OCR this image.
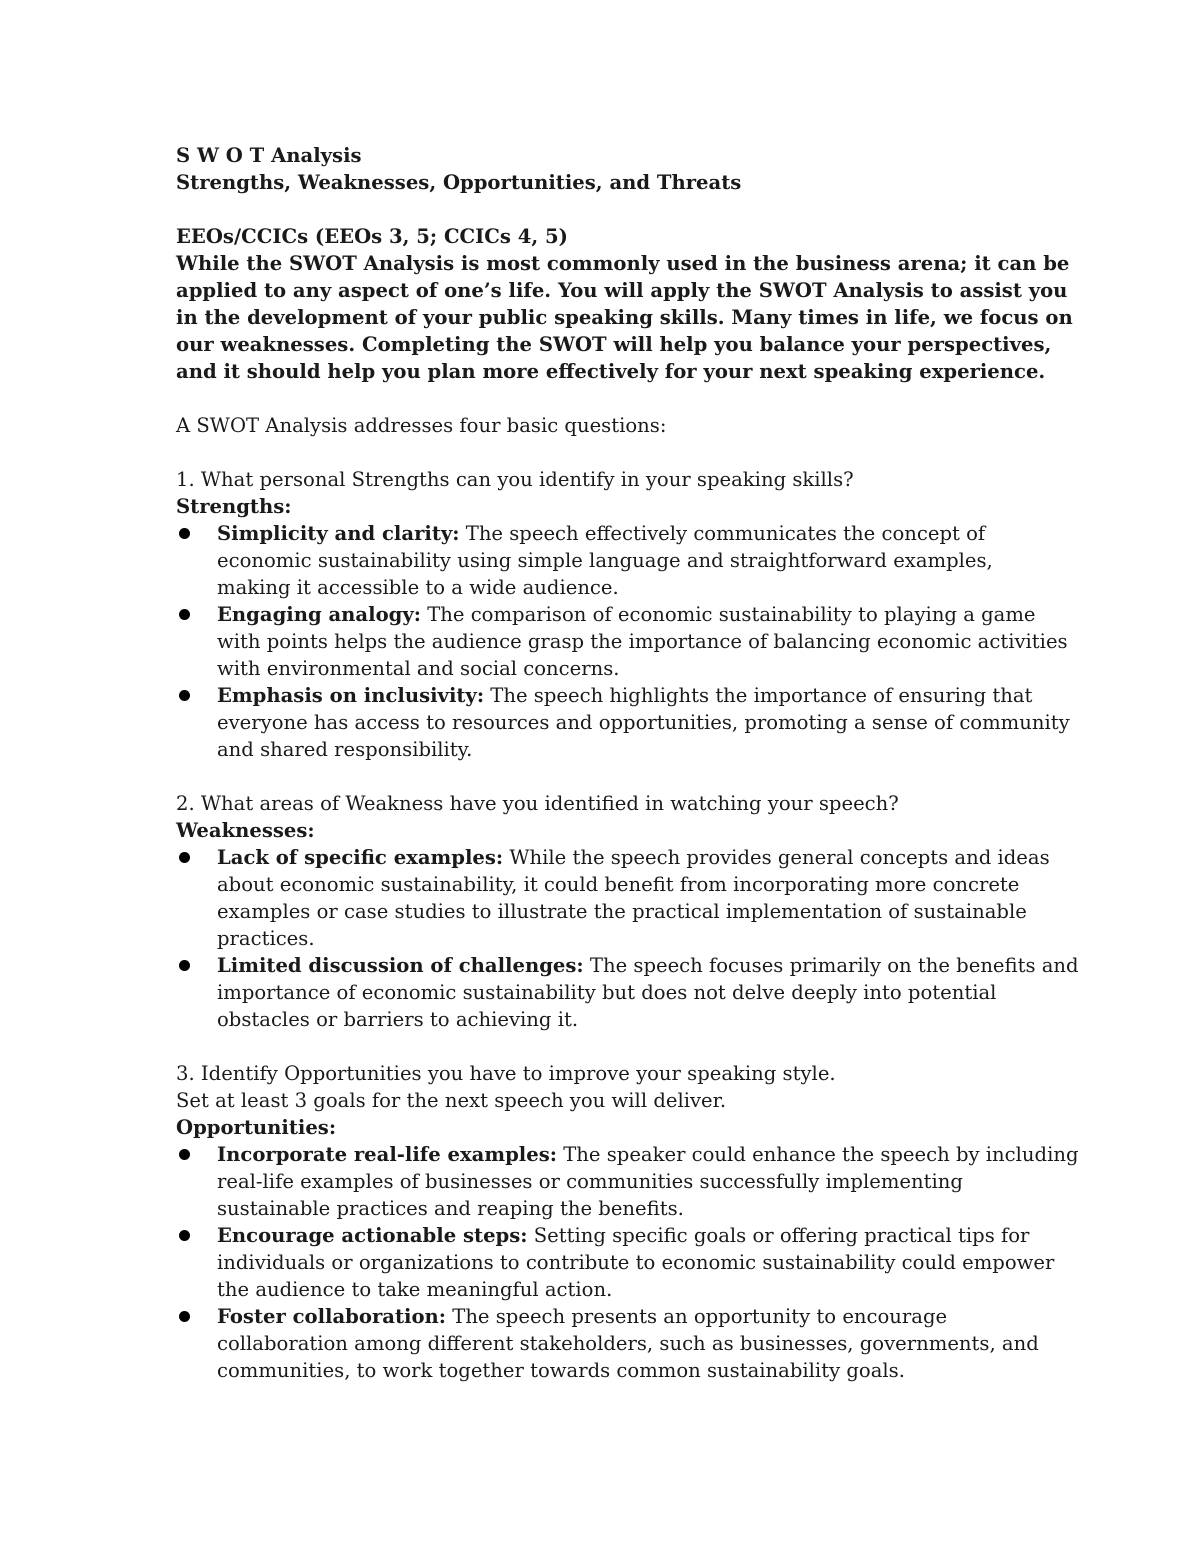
S W O T Analysis
Strengths, Weaknesses, Opportunities, and Threats
EEOs/CCICs (EEOs 3, 5; CCICs 4, 5)
While the SWOT Analysis is most commonly used in the business arena; it can be
applied to any aspect of one’s life. You will apply the SWOT Analysis to assist you
in the development of your public speaking skills. Many times in life, we focus on
our weaknesses. Completing the SWOT will help you balance your perspectives,
and it should help you plan more effectively for your next speaking experience.
A SWOT Analysis addresses four basic questions:
1. What personal Strengths can you identify in your speaking skills?
Strengths:
Simplicity and clarity: The speech effectively communicates the concept of
economic sustainability using simple language and straightforward examples,
making it accessible to a wide audience.
Engaging analogy: The comparison of economic sustainability to playing a game
with points helps the audience grasp the importance of balancing economic activities
with environmental and social concerns.
Emphasis on inclusivity: The speech highlights the importance of ensuring that
everyone has access to resources and opportunities, promoting a sense of community
and shared responsibility.
2. What areas of Weakness have you identified in watching your speech?
Weaknesses:
Lack of specific examples: While the speech provides general concepts and ideas
about economic sustainability, it could benefit from incorporating more concrete
examples or case studies to illustrate the practical implementation of sustainable
practices.
Limited discussion of challenges: The speech focuses primarily on the benefits and
importance of economic sustainability but does not delve deeply into potential
obstacles or barriers to achieving it.
3. Identify Opportunities you have to improve your speaking style.
Set at least 3 goals for the next speech you will deliver.
Opportunities:
Incorporate real-life examples: The speaker could enhance the speech by including
real-life examples of businesses or communities successfully implementing
sustainable practices and reaping the benefits.
Encourage actionable steps: Setting specific goals or offering practical tips for
individuals or organizations to contribute to economic sustainability could empower
the audience to take meaningful action.
Foster collaboration: The speech presents an opportunity to encourage
collaboration among different stakeholders, such as businesses, governments, and
communities, to work together towards common sustainability goals.
